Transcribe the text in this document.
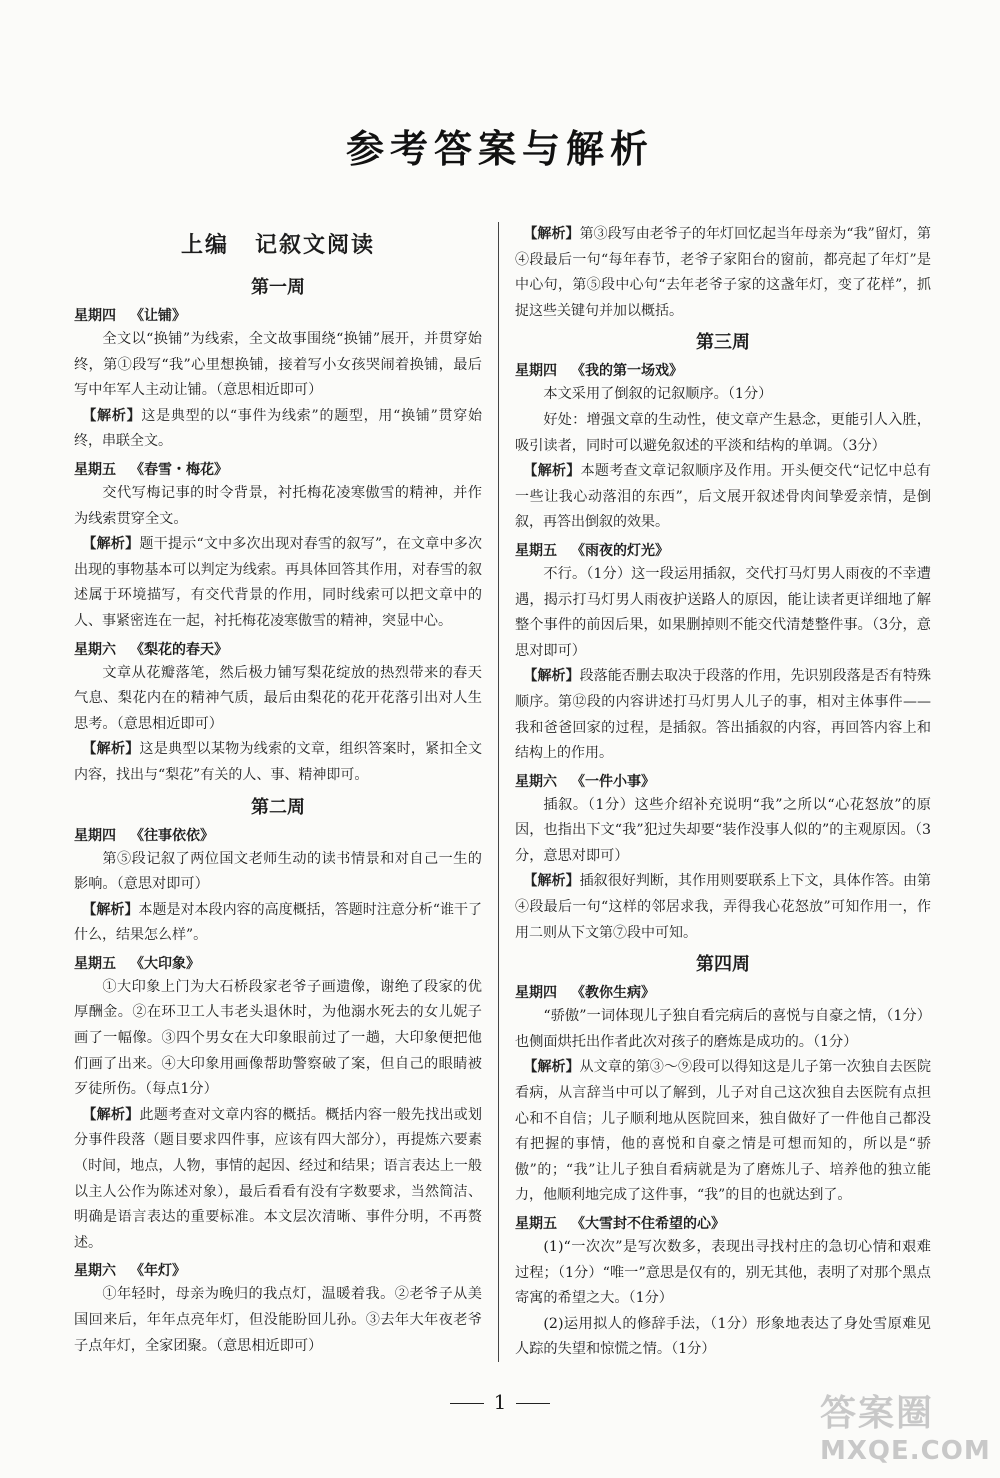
参考答案与解析
上编 记叙文阅读
第一周
星期四 《让铺》

全文以“换铺”为线索，全文故事围绕“换铺”展开，并贯穿始终，第①段写“我”心里想换铺，接着写小女孩哭闹着换铺，最后写中年军人主动让铺。（意思相近即可）

【解析】这是典型的以“事件为线索”的题型，用“换铺”贯穿始终，串联全文。

星期五 《春雪・梅花》

交代写梅记事的时令背景，衬托梅花凌寒傲雪的精神，并作为线索贯穿全文。

【解析】题干提示“文中多次出现对春雪的叙写”，在文章中多次出现的事物基本可以判定为线索。再具体回答其作用，对春雪的叙述属于环境描写，有交代背景的作用，同时线索可以把文章中的人、事紧密连在一起，衬托梅花凌寒傲雪的精神，突显中心。

星期六 《梨花的春天》

文章从花瓣落笔，然后极力铺写梨花绽放的热烈带来的春天气息、梨花内在的精神气质，最后由梨花的花开花落引出对人生思考。（意思相近即可）

【解析】这是典型以某物为线索的文章，组织答案时，紧扣全文内容，找出与“梨花”有关的人、事、精神即可。

第二周
星期四 《往事依依》

第⑤段记叙了两位国文老师生动的读书情景和对自己一生的影响。（意思对即可）

【解析】本题是对本段内容的高度概括，答题时注意分析“谁干了什么，结果怎么样”。

星期五 《大印象》

①大印象上门为大石桥段家老爷子画遗像，谢绝了段家的优厚酬金。②在环卫工人韦老头退休时，为他溺水死去的女儿妮子画了一幅像。③四个男女在大印象眼前过了一趟，大印象便把他们画了出来。④大印象用画像帮助警察破了案，但自己的眼睛被歹徒所伤。（每点1分）

【解析】此题考查对文章内容的概括。概括内容一般先找出或划分事件段落（题目要求四件事，应该有四大部分），再提炼六要素（时间，地点，人物，事情的起因、经过和结果；语言表达上一般以主人公作为陈述对象），最后看看有没有字数要求，当然简洁、明确是语言表达的重要标准。本文层次清晰、事件分明，不再赘述。

星期六 《年灯》

①年轻时，母亲为晚归的我点灯，温暖着我。②老爷子从美国回来后，年年点亮年灯，但没能盼回儿孙。③去年大年夜老爷子点年灯，全家团聚。（意思相近即可）

【解析】第③段写由老爷子的年灯回忆起当年母亲为“我”留灯，第④段最后一句“每年春节，老爷子家阳台的窗前，都亮起了年灯”是中心句，第⑤段中心句“去年老爷子家的这盏年灯，变了花样”，抓捉这些关键句并加以概括。

第三周
星期四 《我的第一场戏》

本文采用了倒叙的记叙顺序。（1分）

好处：增强文章的生动性，使文章产生悬念，更能引人入胜，吸引读者，同时可以避免叙述的平淡和结构的单调。（3分）

【解析】本题考查文章记叙顺序及作用。开头便交代“记忆中总有一些让我心动落泪的东西”，后文展开叙述骨肉间挚爱亲情，是倒叙，再答出倒叙的效果。

星期五 《雨夜的灯光》

不行。（1分）这一段运用插叙，交代打马灯男人雨夜的不幸遭遇，揭示打马灯男人雨夜护送路人的原因，能让读者更详细地了解整个事件的前因后果，如果删掉则不能交代清楚整件事。（3分，意思对即可）

【解析】段落能否删去取决于段落的作用，先识别段落是否有特殊顺序。第⑫段的内容讲述打马灯男人儿子的事，相对主体事件——我和爸爸回家的过程，是插叙。答出插叙的内容，再回答内容上和结构上的作用。

星期六 《一件小事》

插叙。（1分）这些介绍补充说明“我”之所以“心花怒放”的原因，也指出下文“我”犯过失却要“装作没事人似的”的主观原因。（3分，意思对即可）

【解析】插叙很好判断，其作用则要联系上下文，具体作答。由第④段最后一句“这样的邻居求我，弄得我心花怒放”可知作用一，作用二则从下文第⑦段中可知。

第四周
星期四 《教你生病》

“骄傲”一词体现儿子独自看完病后的喜悦与自豪之情，（1分）也侧面烘托出作者此次对孩子的磨炼是成功的。（1分）

【解析】从文章的第③～⑨段可以得知这是儿子第一次独自去医院看病，从言辞当中可以了解到，儿子对自己这次独自去医院有点担心和不自信；儿子顺利地从医院回来，独自做好了一件他自己都没有把握的事情，他的喜悦和自豪之情是可想而知的，所以是“骄傲”的；“我”让儿子独自看病就是为了磨炼儿子、培养他的独立能力，他顺利地完成了这件事，“我”的目的也就达到了。

星期五 《大雪封不住希望的心》

(1)“一次次”是写次数多，表现出寻找村庄的急切心情和艰难过程；（1分）“唯一”意思是仅有的，别无其他，表明了对那个黑点寄寓的希望之大。（1分）

(2)运用拟人的修辞手法，（1分）形象地表达了身处雪原难见人踪的失望和惊慌之情。（1分）

1	答案圈
MXQE.COM
